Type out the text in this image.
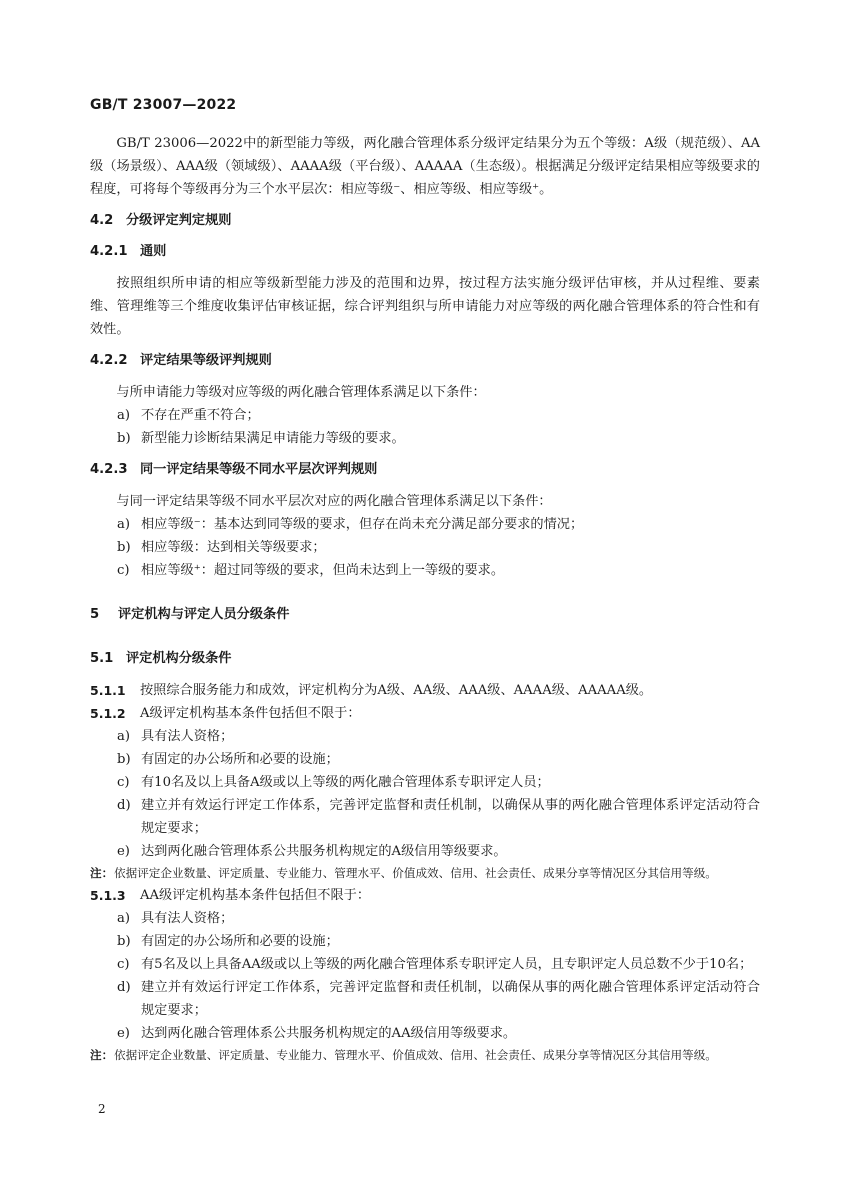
GB/T 23007—2022

GB/T 23006—2022中的新型能力等级，两化融合管理体系分级评定结果分为五个等级：A级（规范级）、AA级（场景级）、AAA级（领域级）、AAAA级（平台级）、AAAAA（生态级）。根据满足分级评定结果相应等级要求的程度，可将每个等级再分为三个水平层次：相应等级⁻、相应等级、相应等级⁺。

4.2 分级评定判定规则

4.2.1 通则

按照组织所申请的相应等级新型能力涉及的范围和边界，按过程方法实施分级评估审核，并从过程维、要素维、管理维等三个维度收集评估审核证据，综合评判组织与所申请能力对应等级的两化融合管理体系的符合性和有效性。

4.2.2 评定结果等级评判规则

与所申请能力等级对应等级的两化融合管理体系满足以下条件：

a) 不存在严重不符合；
b) 新型能力诊断结果满足申请能力等级的要求。

4.2.3 同一评定结果等级不同水平层次评判规则

与同一评定结果等级不同水平层次对应的两化融合管理体系满足以下条件：

a) 相应等级⁻：基本达到同等级的要求，但存在尚未充分满足部分要求的情况；
b) 相应等级：达到相关等级要求；
c) 相应等级⁺：超过同等级的要求，但尚未达到上一等级的要求。

5 评定机构与评定人员分级条件

5.1 评定机构分级条件

5.1.1	按照综合服务能力和成效，评定机构分为A级、AA级、AAA级、AAAA级、AAAAA级。
5.1.2	A级评定机构基本条件包括但不限于：
a) 具有法人资格；
b) 有固定的办公场所和必要的设施；
c) 有10名及以上具备A级或以上等级的两化融合管理体系专职评定人员；
d) 建立并有效运行评定工作体系，完善评定监督和责任机制，以确保从事的两化融合管理体系评定活动符合规定要求；
e) 达到两化融合管理体系公共服务机构规定的A级信用等级要求。
注： 依据评定企业数量、评定质量、专业能力、管理水平、价值成效、信用、社会责任、成果分享等情况区分其信用等级。
5.1.3	AA级评定机构基本条件包括但不限于：
a) 具有法人资格；
b) 有固定的办公场所和必要的设施；
c) 有5名及以上具备AA级或以上等级的两化融合管理体系专职评定人员，且专职评定人员总数不少于10名；
d) 建立并有效运行评定工作体系，完善评定监督和责任机制，以确保从事的两化融合管理体系评定活动符合规定要求；
e) 达到两化融合管理体系公共服务机构规定的AA级信用等级要求。
注： 依据评定企业数量、评定质量、专业能力、管理水平、价值成效、信用、社会责任、成果分享等情况区分其信用等级。
2
